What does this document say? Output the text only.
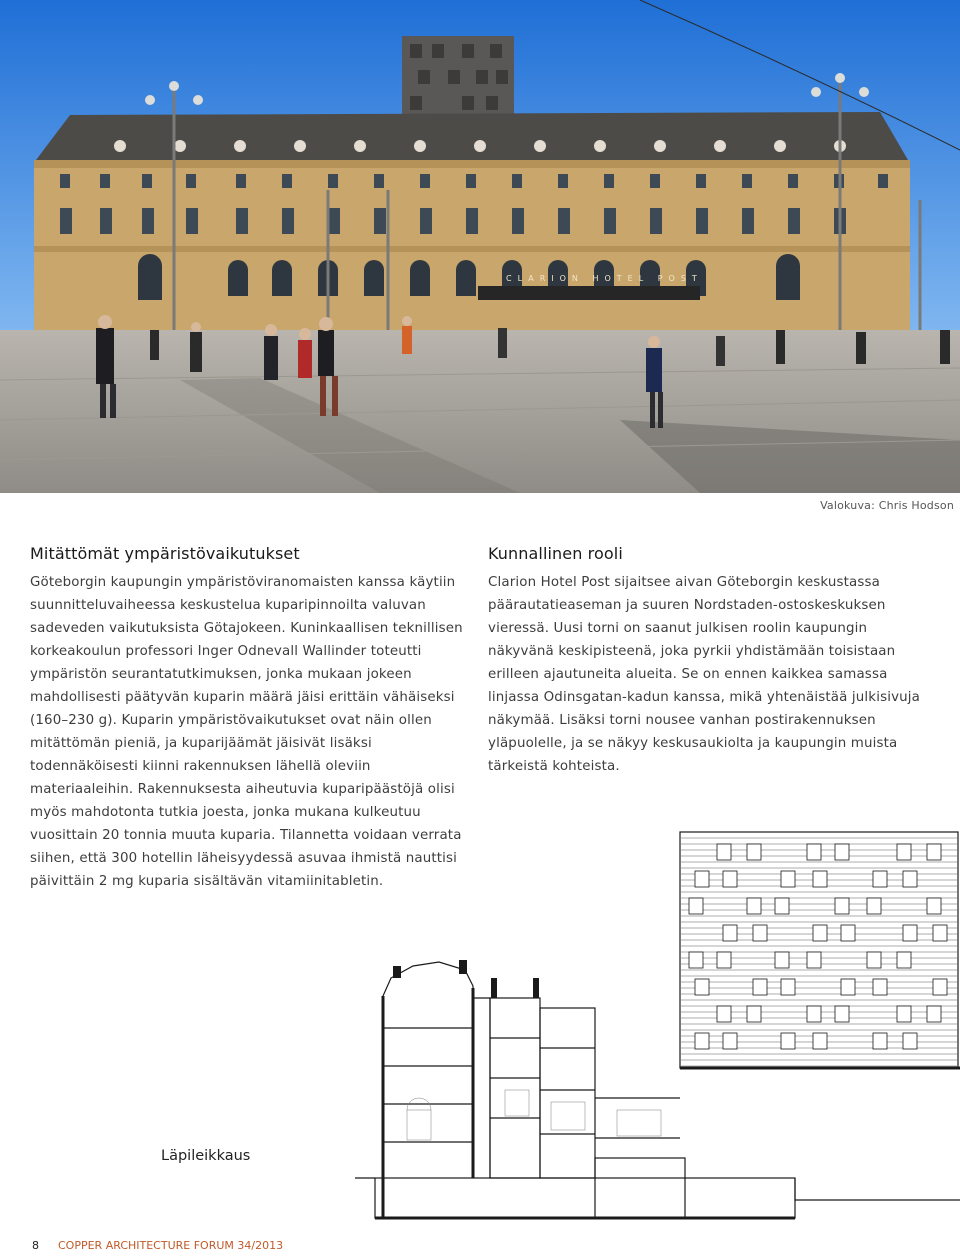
CLARION HOTEL POST
Valokuva: Chris Hodson
Mitättömät ympäristövaikutukset

Göteborgin kaupungin ympäristöviranomaisten kanssa käytiin suunnitteluvaiheessa keskustelua kuparipinnoilta valuvan sadeveden vaikutuksista Götajokeen. Kuninkaallisen teknillisen korkeakoulun professori Inger Odnevall Wallinder toteutti ympäristön seurantatutkimuksen, jonka mukaan jokeen mahdollisesti päätyvän kuparin määrä jäisi erittäin vähäiseksi (160–230 g). Kuparin ympäristövaikutukset ovat näin ollen mitättömän pieniä, ja kuparijäämät jäisivät lisäksi todennäköisesti kiinni rakennuksen lähellä oleviin materiaaleihin. Rakennuksesta aiheutuvia kuparipäästöjä olisi myös mahdotonta tutkia joesta, jonka mukana kulkeutuu vuosittain 20 tonnia muuta kuparia. Tilannetta voidaan verrata siihen, että 300 hotellin läheisyydessä asuvaa ihmistä nauttisi päivittäin 2 mg kuparia sisältävän vitamiinitabletin.

Kunnallinen rooli

Clarion Hotel Post sijaitsee aivan Göteborgin keskustassa päärautatieaseman ja suuren Nordstaden-ostoskeskuksen vieressä. Uusi torni on saanut julkisen roolin kaupungin näkyvänä keskipisteenä, joka pyrkii yhdistämään toisistaan erilleen ajautuneita alueita. Se on ennen kaikkea samassa linjassa Odinsgatan-kadun kanssa, mikä yhtenäistää julkisivuja näkymää. Lisäksi torni nousee vanhan postirakennuksen yläpuolelle, ja se näkyy keskusaukiolta ja kaupungin muista tärkeistä kohteista.

Läpileikkaus
8 COPPER ARCHITECTURE FORUM 34/2013
